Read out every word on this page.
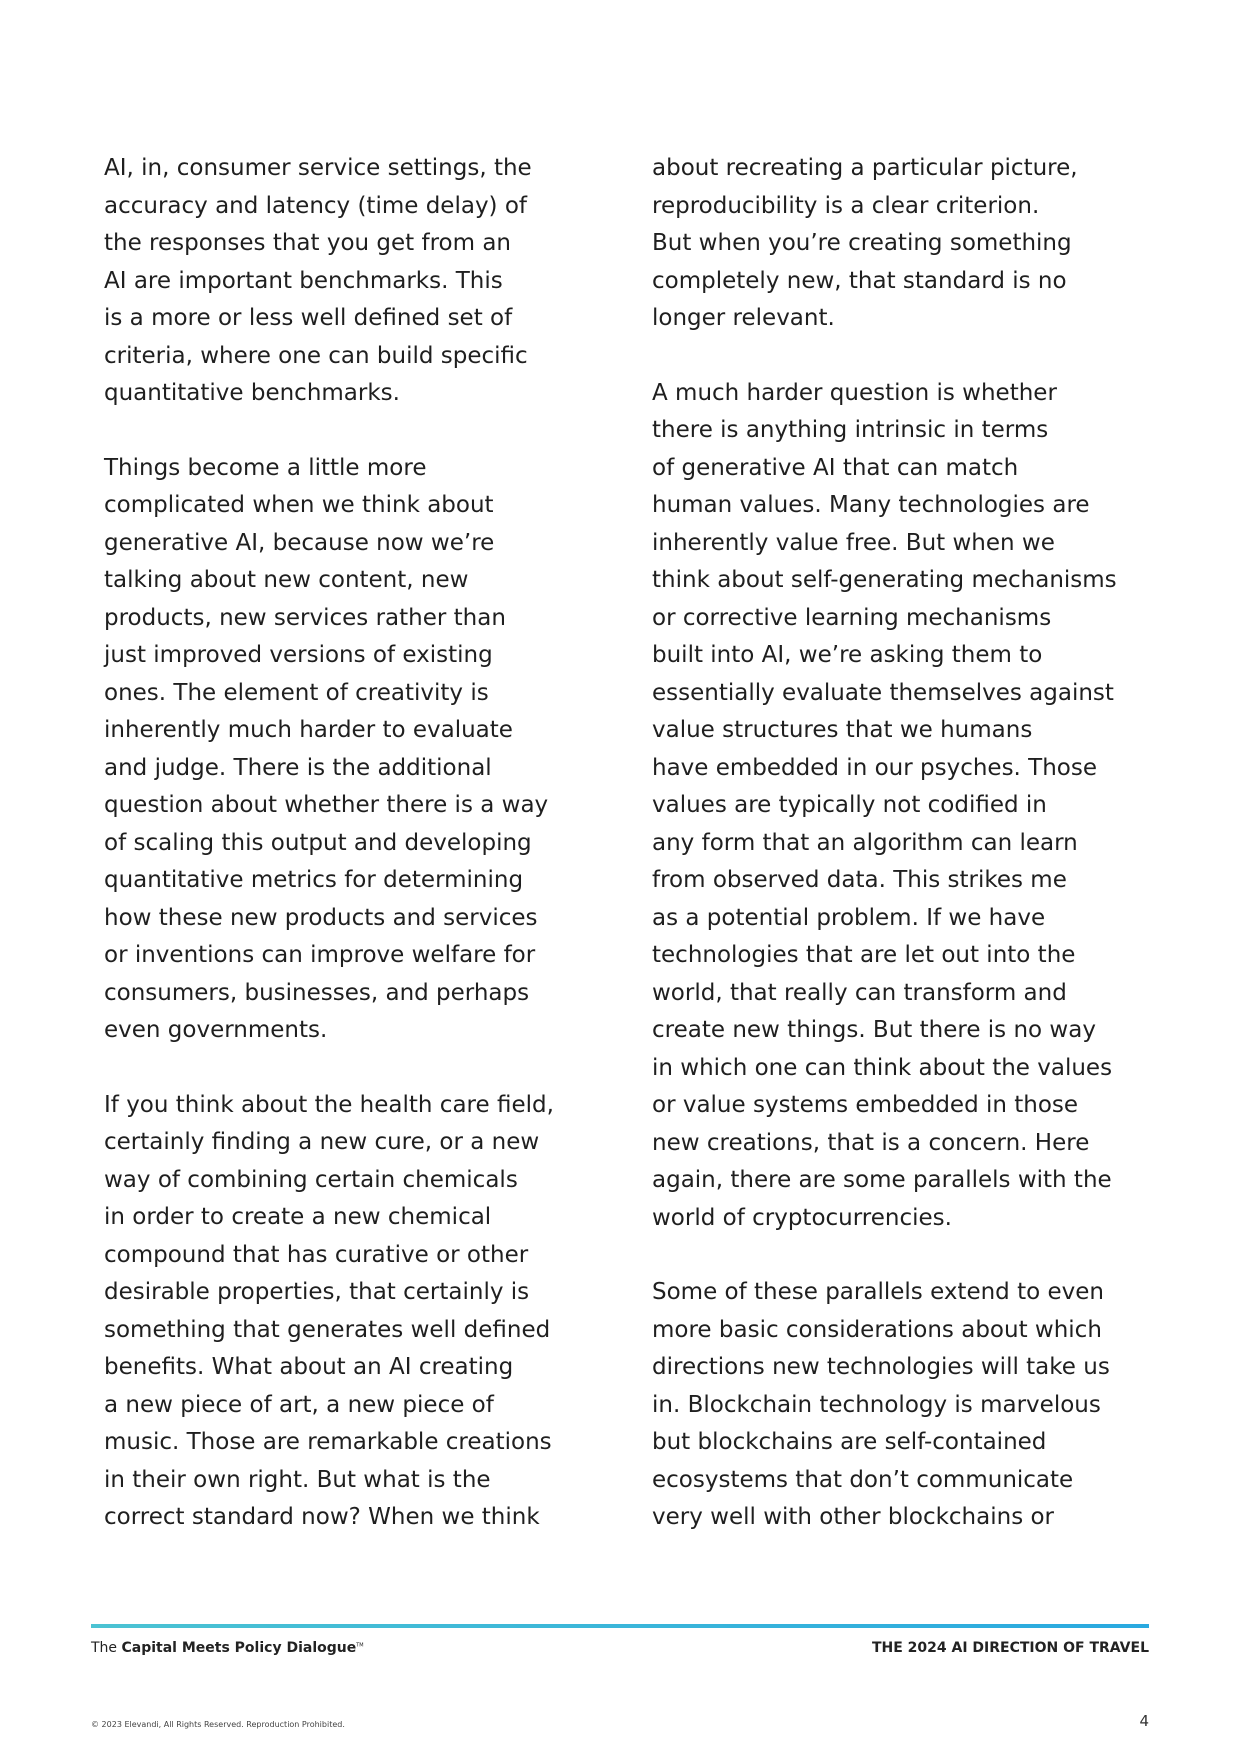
AI, in, consumer service settings, the
accuracy and latency (time delay) of
the responses that you get from an
AI are important benchmarks. This
is a more or less well defined set of
criteria, where one can build specific
quantitative benchmarks.

Things become a little more
complicated when we think about
generative AI, because now we’re
talking about new content, new
products, new services rather than
just improved versions of existing
ones. The element of creativity is
inherently much harder to evaluate
and judge. There is the additional
question about whether there is a way
of scaling this output and developing
quantitative metrics for determining
how these new products and services
or inventions can improve welfare for
consumers, businesses, and perhaps
even governments.

If you think about the health care field,
certainly finding a new cure, or a new
way of combining certain chemicals
in order to create a new chemical
compound that has curative or other
desirable properties, that certainly is
something that generates well defined
benefits. What about an AI creating
a new piece of art, a new piece of
music. Those are remarkable creations
in their own right. But what is the
correct standard now? When we think

about recreating a particular picture,
reproducibility is a clear criterion.
But when you’re creating something
completely new, that standard is no
longer relevant.

A much harder question is whether
there is anything intrinsic in terms
of generative AI that can match
human values. Many technologies are
inherently value free. But when we
think about self-generating mechanisms
or corrective learning mechanisms
built into AI, we’re asking them to
essentially evaluate themselves against
value structures that we humans
have embedded in our psyches. Those
values are typically not codified in
any form that an algorithm can learn
from observed data. This strikes me
as a potential problem. If we have
technologies that are let out into the
world, that really can transform and
create new things. But there is no way
in which one can think about the values
or value systems embedded in those
new creations, that is a concern. Here
again, there are some parallels with the
world of cryptocurrencies.

Some of these parallels extend to even
more basic considerations about which
directions new technologies will take us
in. Blockchain technology is marvelous
but blockchains are self-contained
ecosystems that don’t communicate
very well with other blockchains or

The Capital Meets Policy Dialogue™	THE 2024 AI DIRECTION OF TRAVEL
© 2023 Elevandi, All Rights Reserved. Reproduction Prohibited.	4
